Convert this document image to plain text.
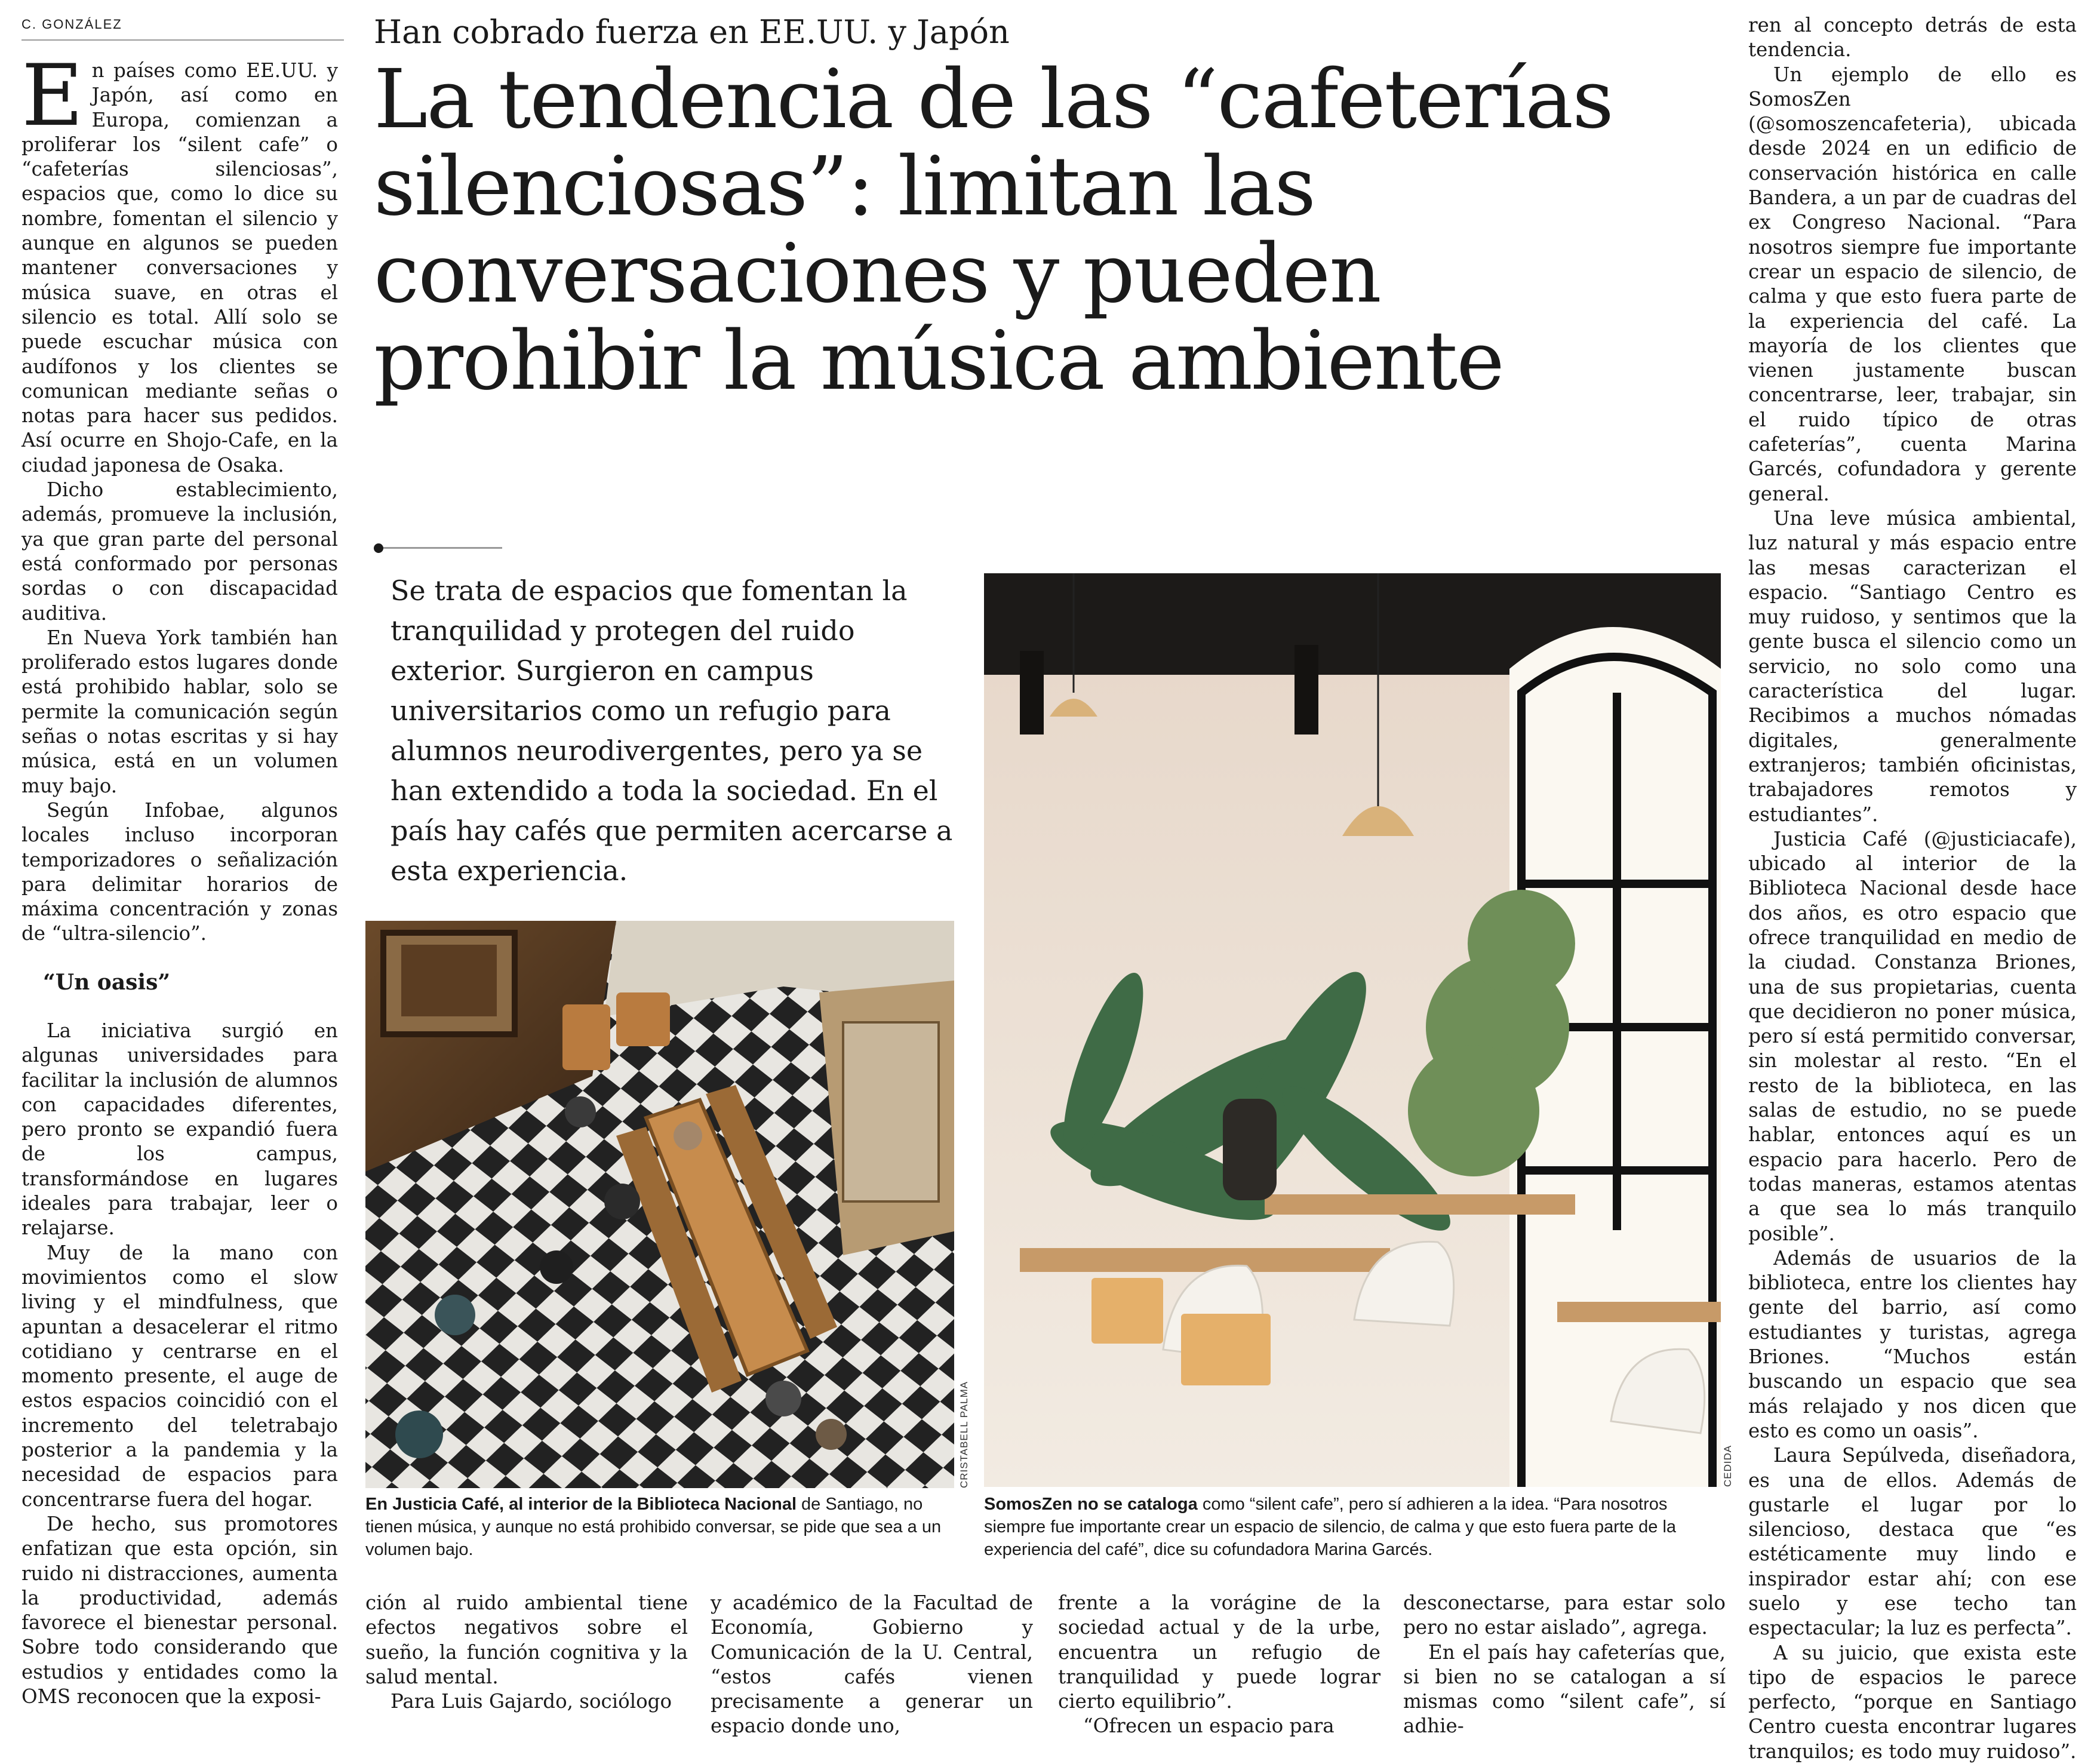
C. GONZÁLEZ

En países como EE.UU. y Japón, así como en Europa, comienzan a proliferar los “silent cafe” o “cafeterías silenciosas”, espacios que, como lo dice su nombre, fomentan el silencio y aunque en algunos se pueden mantener conversaciones y música suave, en otras el silencio es total. Allí solo se puede escuchar música con audífonos y los clientes se comunican mediante señas o notas para hacer sus pedidos. Así ocurre en Shojo-Cafe, en la ciudad japonesa de Osaka.

Dicho establecimiento, además, promueve la inclusión, ya que gran parte del personal está conformado por personas sordas o con discapacidad auditiva.

En Nueva York también han proliferado estos lugares donde está prohibido hablar, solo se permite la comunicación según señas o notas escritas y si hay música, está en un volumen muy bajo.

Según Infobae, algunos locales incluso incorporan temporizadores o señalización para delimitar horarios de máxima concentración y zonas de “ultra-silencio”.

“Un oasis”

La iniciativa surgió en algunas universidades para facilitar la inclusión de alumnos con capacidades diferentes, pero pronto se expandió fuera de los campus, transformándose en lugares ideales para trabajar, leer o relajarse.

Muy de la mano con movimientos como el slow living y el mindfulness, que apuntan a desacelerar el ritmo cotidiano y centrarse en el momento presente, el auge de estos espacios coincidió con el incremento del teletrabajo posterior a la pandemia y la necesidad de espacios para concentrarse fuera del hogar.

De hecho, sus promotores enfatizan que esta opción, sin ruido ni distracciones, aumenta la productividad, además favorece el bienestar personal. Sobre todo considerando que estudios y entidades como la OMS reconocen que la exposi-

Han cobrado fuerza en EE.UU. y Japón
La tendencia de las “cafeterías
silenciosas”: limitan las
conversaciones y pueden
prohibir la música ambiente
Se trata de espacios que fomentan la tranquilidad y protegen del ruido exterior. Surgieron en campus universitarios como un refugio para alumnos neurodivergentes, pero ya se han extendido a toda la sociedad. En el país hay cafés que permiten acercarse a esta experiencia.
CRISTABELL PALMA
En Justicia Café, al interior de la Biblioteca Nacional de Santiago, no tienen música, y aunque no está prohibido conversar, se pide que sea a un volumen bajo.
CEDIDA
SomosZen no se cataloga como “silent cafe”, pero sí adhieren a la idea. “Para nosotros siempre fue importante crear un espacio de silencio, de calma y que esto fuera parte de la experiencia del café”, dice su cofundadora Marina Garcés.

ción al ruido ambiental tiene efectos negativos sobre el sueño, la función cognitiva y la salud mental.

Para Luis Gajardo, sociólogo

y académico de la Facultad de Economía, Gobierno y Comunicación de la U. Central, “estos cafés vienen precisamente a generar un espacio donde uno,

frente a la vorágine de la sociedad actual y de la urbe, encuentra un refugio de tranquilidad y puede lograr cierto equilibrio”.

“Ofrecen un espacio para

desconectarse, para estar solo pero no estar aislado”, agrega.

En el país hay cafeterías que, si bien no se catalogan a sí mismas como “silent cafe”, sí adhie-

ren al concepto detrás de esta tendencia.

Un ejemplo de ello es SomosZen (@somoszencafeteria), ubicada desde 2024 en un edificio de conservación histórica en calle Bandera, a un par de cuadras del ex Congreso Nacional. “Para nosotros siempre fue importante crear un espacio de silencio, de calma y que esto fuera parte de la experiencia del café. La mayoría de los clientes que vienen justamente buscan concentrarse, leer, trabajar, sin el ruido típico de otras cafeterías”, cuenta Marina Garcés, cofundadora y gerente general.

Una leve música ambiental, luz natural y más espacio entre las mesas caracterizan el espacio. “Santiago Centro es muy ruidoso, y sentimos que la gente busca el silencio como un servicio, no solo como una característica del lugar. Recibimos a muchos nómadas digitales, generalmente extranjeros; también oficinistas, trabajadores remotos y estudiantes”.

Justicia Café (@justiciacafe), ubicado al interior de la Biblioteca Nacional desde hace dos años, es otro espacio que ofrece tranquilidad en medio de la ciudad. Constanza Briones, una de sus propietarias, cuenta que decidieron no poner música, pero sí está permitido conversar, sin molestar al resto. “En el resto de la biblioteca, en las salas de estudio, no se puede hablar, entonces aquí es un espacio para hacerlo. Pero de todas maneras, estamos atentas a que sea lo más tranquilo posible”.

Además de usuarios de la biblioteca, entre los clientes hay gente del barrio, así como estudiantes y turistas, agrega Briones. “Muchos están buscando un espacio que sea más relajado y nos dicen que esto es como un oasis”.

Laura Sepúlveda, diseñadora, es una de ellos. Además de gustarle el lugar por lo silencioso, destaca que “es estéticamente muy lindo e inspirador estar ahí; con ese suelo y ese techo tan espectacular; la luz es perfecta”.

A su juicio, que exista este tipo de espacios le parece perfecto, “porque en Santiago Centro cuesta encontrar lugares tranquilos; es todo muy ruidoso”.
